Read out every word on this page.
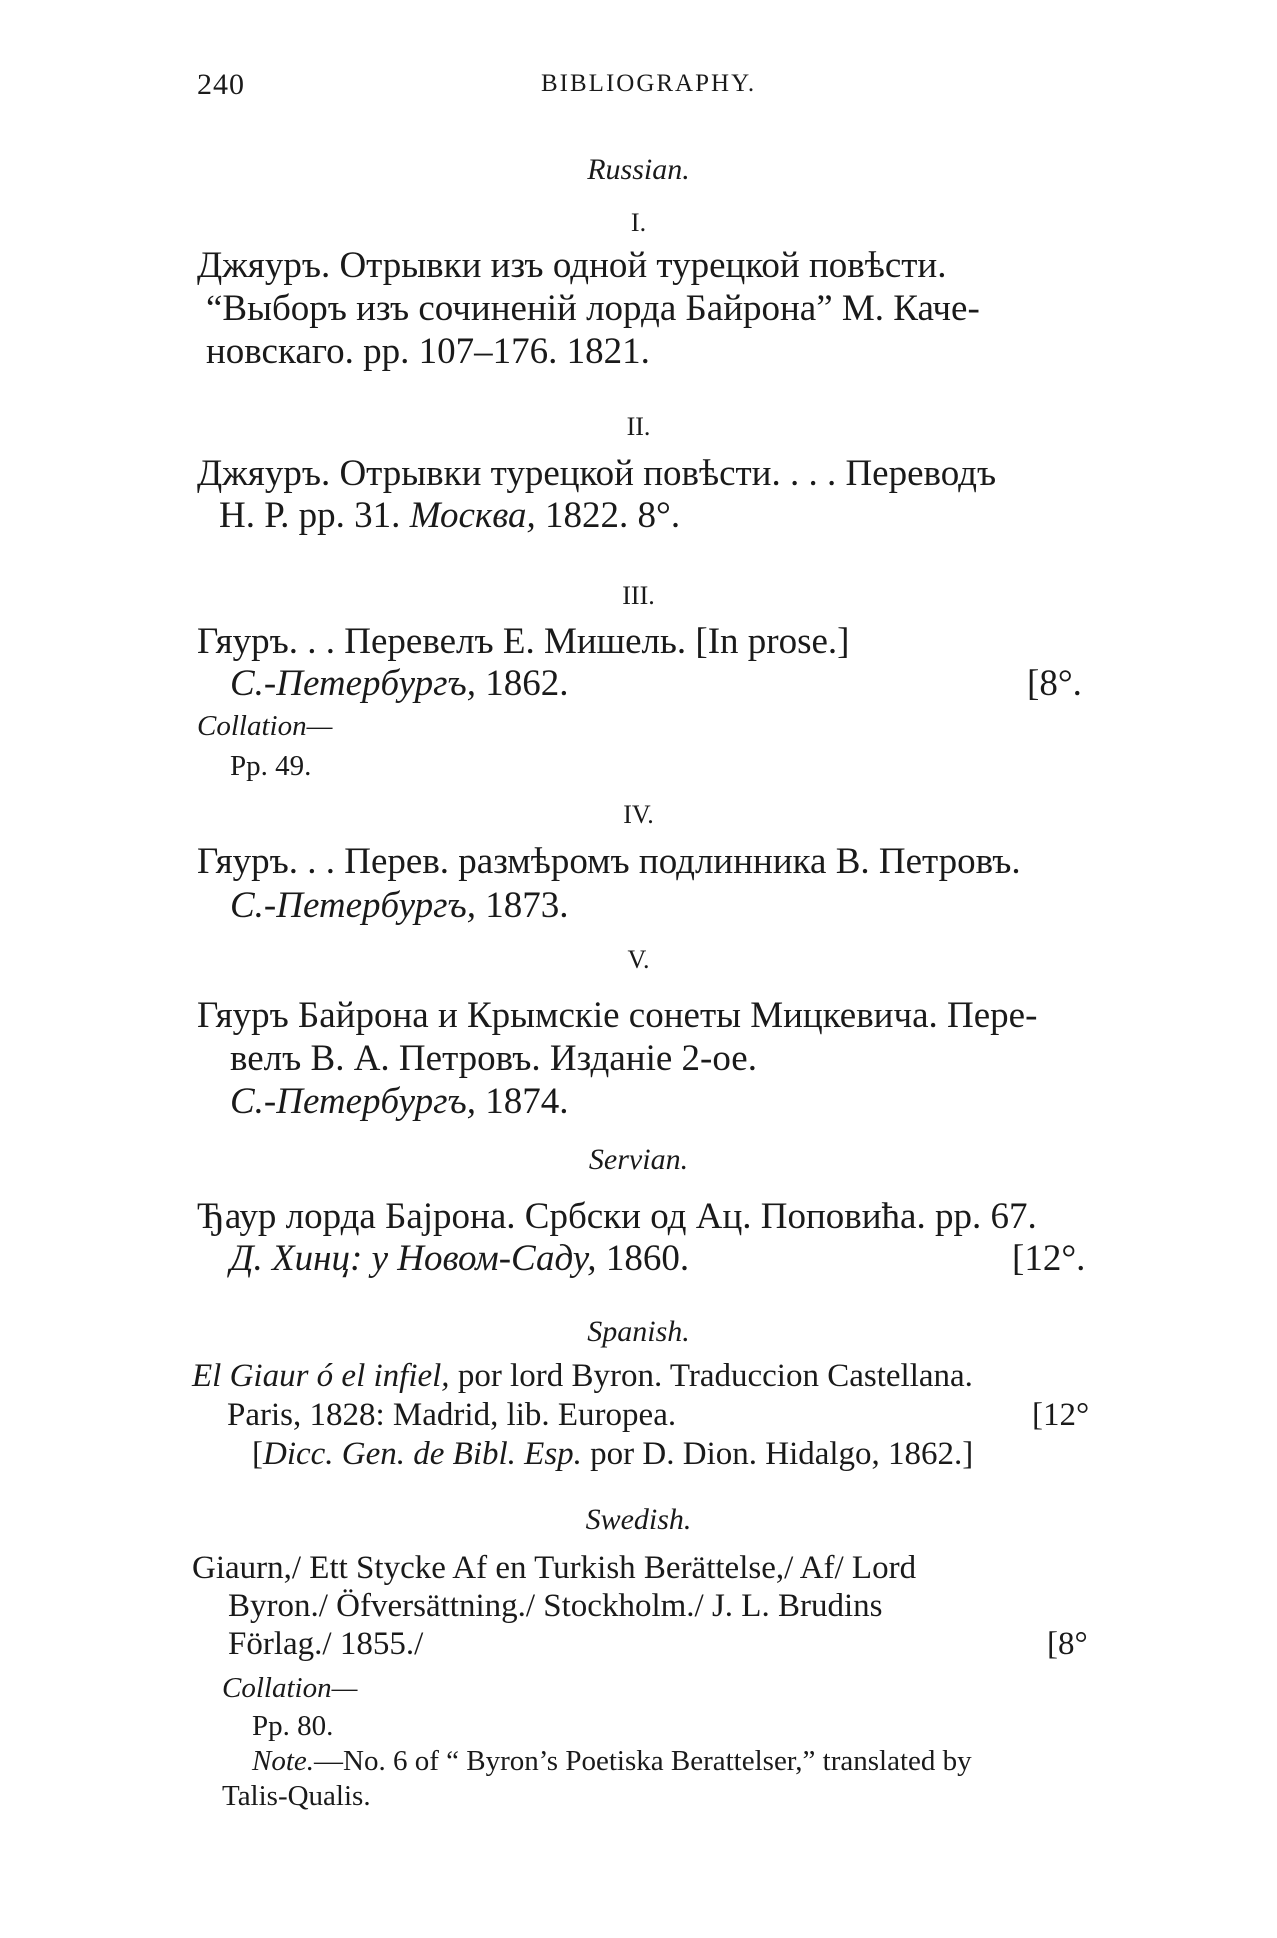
240	BIBLIOGRAPHY.
Russian.
I.
Джяуръ. Отрывки изъ одной турецкой повѣсти.
“Выборъ изъ сочиненій лорда Байрона” М. Каче-
новскаго. pp. 107–176. 1821.
II.
Джяуръ. Отрывки турецкой повѣсти. . . . Переводъ
Н. Р. pp. 31. Москва, 1822. 8°.
III.
Гяуръ. . . Перевелъ Е. Мишель. [In prose.]
С.-Петербургъ, 1862.	[8°.
Collation—
Pp. 49.
IV.
Гяуръ. . . Перев. размѣромъ подлинника В. Петровъ.
С.-Петербургъ, 1873.
V.
Гяуръ Байрона и Крымскіе сонеты Мицкевича. Пере-
велъ В. А. Петровъ. Изданіе 2-ое.
С.-Петербургъ, 1874.
Servian.
Ђаур лорда Бајрона. Србски од Ац. Поповића. pp. 67.
Д. Хинц: у Новом-Саду, 1860.	[12°.
Spanish.
El Giaur ó el infiel, por lord Byron. Traduccion Castellana.
Paris, 1828: Madrid, lib. Europea.	[12°
[Dicc. Gen. de Bibl. Esp. por D. Dion. Hidalgo, 1862.]
Swedish.
Giaurn,/ Ett Stycke Af en Turkish Berättelse,/ Af/ Lord
Byron./ Öfversättning./ Stockholm./ J. L. Brudins
Förlag./ 1855./	[8°
Collation—
Pp. 80.
Note.—No. 6 of “ Byron’s Poetiska Berattelser,” translated by
Talis-Qualis.
